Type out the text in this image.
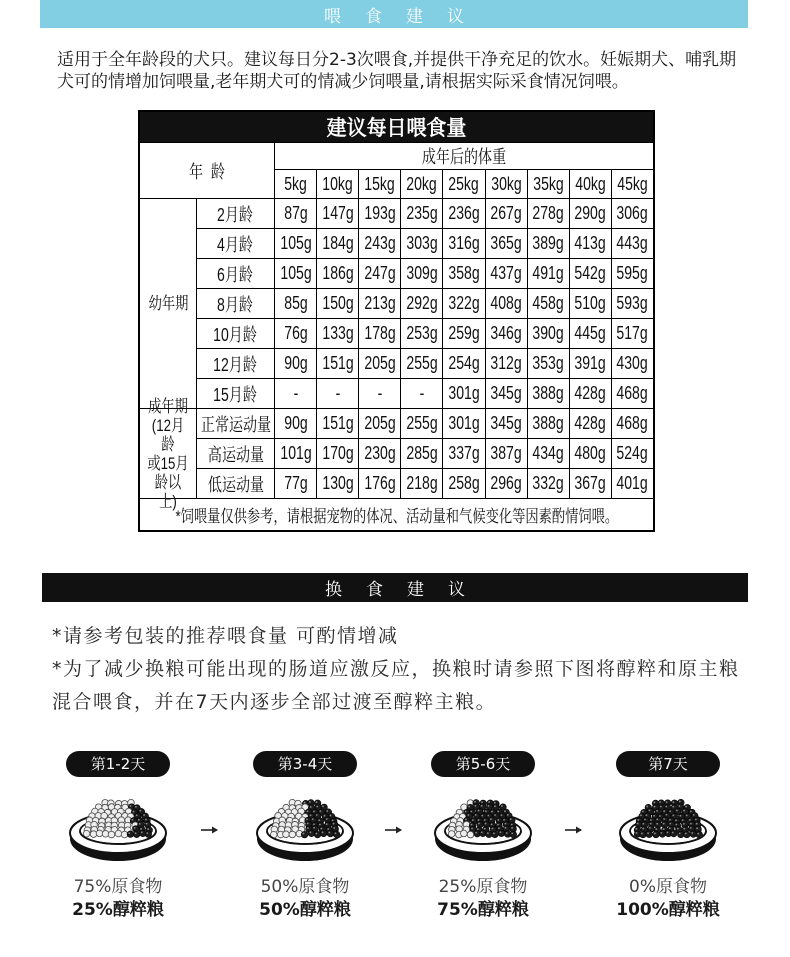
喂食建议
适用于全年龄段的犬只。建议每日分2-3次喂食,并提供干净充足的饮水。妊娠期犬、哺乳期
犬可的情增加饲喂量,老年期犬可的情减少饲喂量,请根据实际采食情况饲喂。
建议每日喂食量
年龄
成年后的体重
*饲喂量仅供参考，请根据宠物的体况、活动量和气候变化等因素酌情饲喂。
5kg 10kg 15kg 20kg 25kg 30kg 35kg 40kg 45kg
2月龄 87g 147g 193g 235g 236g 267g 278g 290g 306g
4月龄 105g 184g 243g 303g 316g 365g 389g 413g 443g
6月龄 105g 186g 247g 309g 358g 437g 491g 542g 595g
8月龄 85g 150g 213g 292g 322g 408g 458g 510g 593g
10月龄 76g 133g 178g 253g 259g 346g 390g 445g 517g
12月龄 90g 151g 205g 255g 254g 312g 353g 391g 430g
15月龄 - - - - 301g 345g 388g 428g 468g
幼年期
正常运动量 90g 151g 205g 255g 301g 345g 388g 428g 468g
高运动量 101g 170g 230g 285g 337g 387g 434g 480g 524g
低运动量 77g 130g 176g 218g 258g 296g 332g 367g 401g
成年期
(12月龄
或15月
龄以上)
换食建议
*请参考包装的推荐喂食量 可酌情增减
*为了减少换粮可能出现的肠道应激反应，换粮时请参照下图将醇粹和原主粮
混合喂食，并在7天内逐步全部过渡至醇粹主粮。
第1-2天
75%原食物
25%醇粹粮
第3-4天
50%原食物
50%醇粹粮
第5-6天
25%原食物
75%醇粹粮
第7天
0%原食物
100%醇粹粮
